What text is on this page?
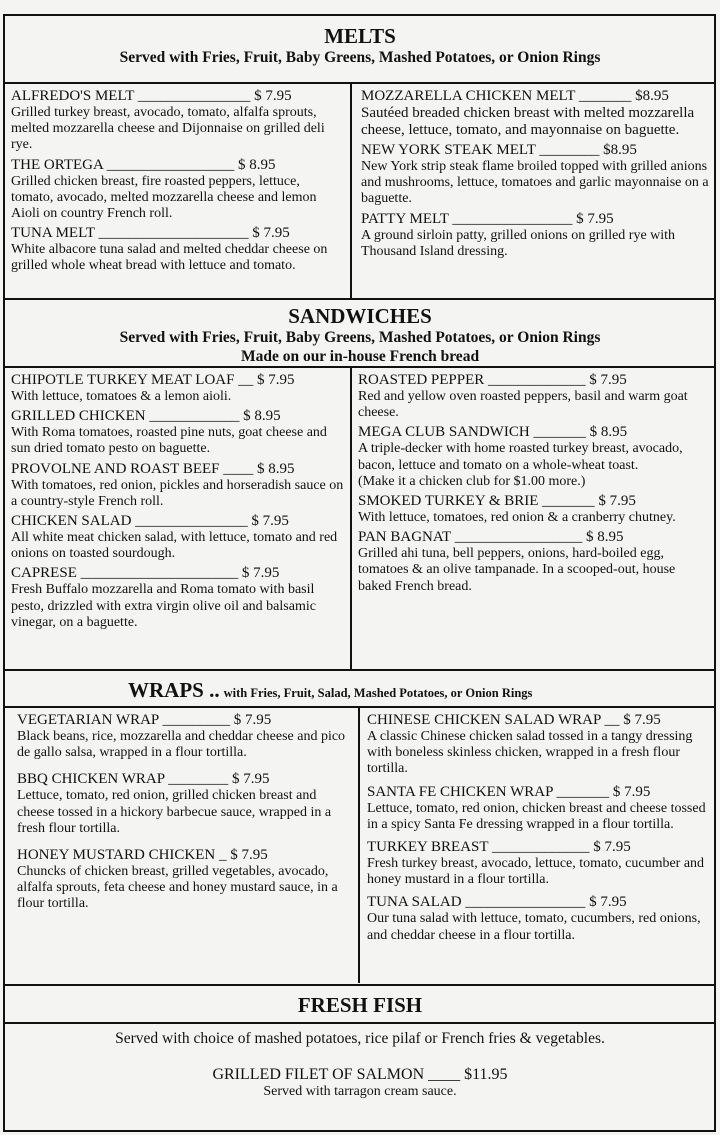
MELTS
Served with Fries, Fruit, Baby Greens, Mashed Potatoes, or Onion Rings
ALFREDO'S MELT _______________ $ 7.95
Grilled turkey breast, avocado, tomato, alfalfa sprouts, melted mozzarella cheese and Dijonnaise on grilled deli rye.
THE ORTEGA _________________ $ 8.95
Grilled chicken breast, fire roasted peppers, lettuce, tomato, avocado, melted mozzarella cheese and lemon Aioli on country French roll.
TUNA MELT ____________________ $ 7.95
White albacore tuna salad and melted cheddar cheese on grilled whole wheat bread with lettuce and tomato.
MOZZARELLA CHICKEN MELT _______ $8.95
Sautéed breaded chicken breast with melted mozzarella cheese, lettuce, tomato, and mayonnaise on baguette.
NEW YORK STEAK MELT ________ $8.95
New York strip steak flame broiled topped with grilled anions and mushrooms, lettuce, tomatoes and garlic mayonnaise on a baguette.
PATTY MELT ________________ $ 7.95
A ground sirloin patty, grilled onions on grilled rye with Thousand Island dressing.
SANDWICHES
Served with Fries, Fruit, Baby Greens, Mashed Potatoes, or Onion Rings
Made on our in-house French bread
CHIPOTLE TURKEY MEAT LOAF __ $ 7.95
With lettuce, tomatoes & a lemon aioli.
GRILLED CHICKEN ____________ $ 8.95
With Roma tomatoes, roasted pine nuts, goat cheese and sun dried tomato pesto on baguette.
PROVOLNE AND ROAST BEEF ____ $ 8.95
With tomatoes, red onion, pickles and horseradish sauce on a country-style French roll.
CHICKEN SALAD _______________ $ 7.95
All white meat chicken salad, with lettuce, tomato and red onions on toasted sourdough.
CAPRESE _____________________ $ 7.95
Fresh Buffalo mozzarella and Roma tomato with basil pesto, drizzled with extra virgin olive oil and balsamic vinegar, on a baguette.
ROASTED PEPPER _____________ $ 7.95
Red and yellow oven roasted peppers, basil and warm goat cheese.
MEGA CLUB SANDWICH _______ $ 8.95
A triple-decker with home roasted turkey breast, avocado, bacon, lettuce and tomato on a whole-wheat toast.
(Make it a chicken club for $1.00 more.)
SMOKED TURKEY & BRIE _______ $ 7.95
With lettuce, tomatoes, red onion & a cranberry chutney.
PAN BAGNAT _________________ $ 8.95
Grilled ahi tuna, bell peppers, onions, hard-boiled egg, tomatoes & an olive tampanade. In a scooped-out, house baked French bread.
WRAPS .. with Fries, Fruit, Salad, Mashed Potatoes, or Onion Rings
VEGETARIAN WRAP _________ $ 7.95
Black beans, rice, mozzarella and cheddar cheese and pico de gallo salsa, wrapped in a flour tortilla.
BBQ CHICKEN WRAP ________ $ 7.95
Lettuce, tomato, red onion, grilled chicken breast and cheese tossed in a hickory barbecue sauce, wrapped in a fresh flour tortilla.
HONEY MUSTARD CHICKEN _ $ 7.95
Chuncks of chicken breast, grilled vegetables, avocado, alfalfa sprouts, feta cheese and honey mustard sauce, in a flour tortilla.
CHINESE CHICKEN SALAD WRAP __ $ 7.95
A classic Chinese chicken salad tossed in a tangy dressing with boneless skinless chicken, wrapped in a fresh flour tortilla.
SANTA FE CHICKEN WRAP _______ $ 7.95
Lettuce, tomato, red onion, chicken breast and cheese tossed in a spicy Santa Fe dressing wrapped in a flour tortilla.
TURKEY BREAST _____________ $ 7.95
Fresh turkey breast, avocado, lettuce, tomato, cucumber and honey mustard in a flour tortilla.
TUNA SALAD ________________ $ 7.95
Our tuna salad with lettuce, tomato, cucumbers, red onions, and cheddar cheese in a flour tortilla.
FRESH FISH
Served with choice of mashed potatoes, rice pilaf or French fries & vegetables.
GRILLED FILET OF SALMON ____ $11.95
Served with tarragon cream sauce.
